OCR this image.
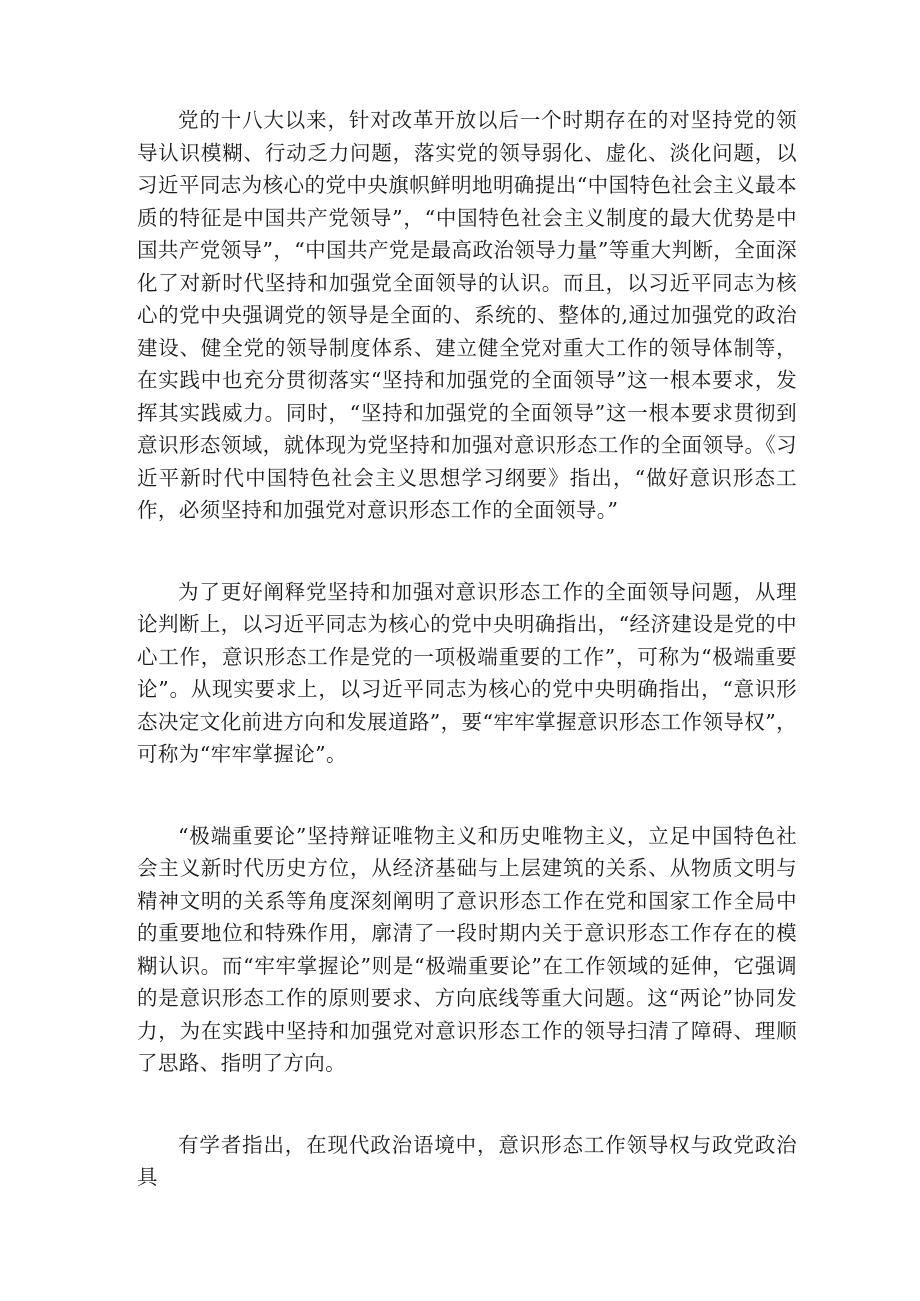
党的十八大以来，针对改革开放以后一个时期存在的对坚持党的领导认识模糊、行动乏力问题，落实党的领导弱化、虚化、淡化问题，以习近平同志为核心的党中央旗帜鲜明地明确提出“中国特色社会主义最本质的特征是中国共产党领导”，“中国特色社会主义制度的最大优势是中国共产党领导”，“中国共产党是最高政治领导力量”等重大判断，全面深化了对新时代坚持和加强党全面领导的认识。而且，以习近平同志为核心的党中央强调党的领导是全面的、系统的、整体的,通过加强党的政治建设、健全党的领导制度体系、建立健全党对重大工作的领导体制等，在实践中也充分贯彻落实“坚持和加强党的全面领导”这一根本要求，发挥其实践威力。同时，“坚持和加强党的全面领导”这一根本要求贯彻到意识形态领域，就体现为党坚持和加强对意识形态工作的全面领导。《习近平新时代中国特色社会主义思想学习纲要》指出，“做好意识形态工作，必须坚持和加强党对意识形态工作的全面领导。”

为了更好阐释党坚持和加强对意识形态工作的全面领导问题，从理论判断上，以习近平同志为核心的党中央明确指出，“经济建设是党的中心工作，意识形态工作是党的一项极端重要的工作”，可称为“极端重要论”。从现实要求上，以习近平同志为核心的党中央明确指出，“意识形态决定文化前进方向和发展道路”，要“牢牢掌握意识形态工作领导权”，可称为“牢牢掌握论”。

“极端重要论”坚持辩证唯物主义和历史唯物主义，立足中国特色社会主义新时代历史方位，从经济基础与上层建筑的关系、从物质文明与精神文明的关系等角度深刻阐明了意识形态工作在党和国家工作全局中的重要地位和特殊作用，廓清了一段时期内关于意识形态工作存在的模糊认识。而“牢牢掌握论”则是“极端重要论”在工作领域的延伸，它强调的是意识形态工作的原则要求、方向底线等重大问题。这“两论”协同发力，为在实践中坚持和加强党对意识形态工作的领导扫清了障碍、理顺了思路、指明了方向。

有学者指出，在现代政治语境中，意识形态工作领导权与政党政治具
